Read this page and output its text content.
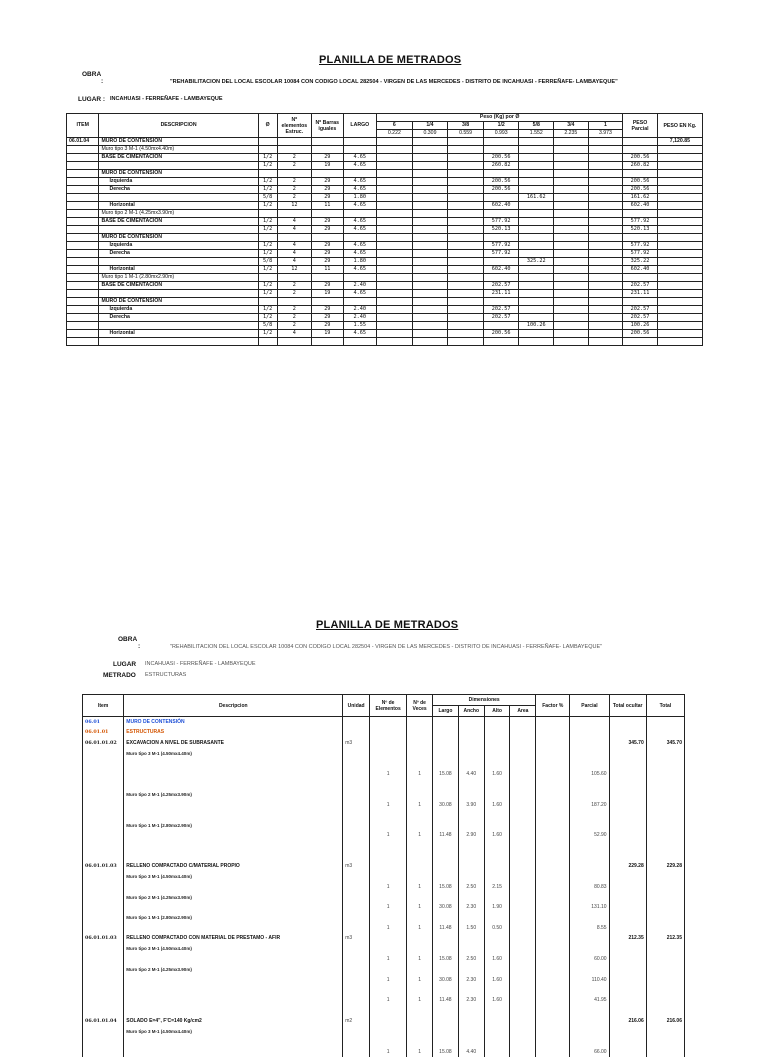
PLANILLA DE METRADOS
OBRA
:	"REHABILITACION DEL LOCAL ESCOLAR 10084 CON CODIGO LOCAL 282504 - VIRGEN DE LAS MERCEDES - DISTRITO DE INCAHUASI - FERREÑAFE- LAMBAYEQUE"
LUGAR : INCAHUASI - FERREÑAFE - LAMBAYEQUE
ITEM	DESCRIPCION	Ø	Nº elementos Estruc.	Nº Barras iguales	LARGO	Peso (Kg) por Ø							PESO Parcial	PESO EN Kg.
						6	1/4	3/8	1/2	5/8	3/4	1		
						0.222	0.309	0.559	0.993	1.552	2.235	3.973		
06.01.04	MURO DE CONTENSIÓN													7,120.85
	Muro tipo 3 M-1 (4.50mx4.40m)													
	BASE DE CIMENTACIÓN	1/2	2	29	4.65				200.56				200.56	
		1/2	2	19	4.65				260.82				260.82	
	MURO DE CONTENSIÓN													
	Izquierda	1/2	2	29	4.65				200.56				200.56	
	Derecha	1/2	2	29	4.65				200.56				200.56	
		5/8	2	29	1.80					161.62			161.62	
	Horizontal	1/2	12	11	4.65				602.40				602.40	
	Muro tipo 2 M-1 (4.25mx3.90m)													
	BASE DE CIMENTACIÓN	1/2	4	29	4.65				577.92				577.92	
		1/2	4	29	4.65				520.13				520.13	
	MURO DE CONTENSIÓN													
	Izquierda	1/2	4	29	4.65				577.92				577.92	
	Derecha	1/2	4	29	4.65				577.92				577.92	
		5/8	4	29	1.80					325.22			325.22	
	Horizontal	1/2	12	11	4.65				602.40				602.40	
	Muro tipo 1 M-1 (2.80mx2.90m)													
	BASE DE CIMENTACIÓN	1/2	2	29	2.40				202.57				202.57	
		1/2	2	19	4.65				231.11				231.11	
	MURO DE CONTENSIÓN													
	Izquierda	1/2	2	29	2.40				202.57				202.57	
	Derecha	1/2	2	29	2.40				202.57				202.57	
		5/8	2	29	1.55					100.26			100.26	
	Horizontal	1/2	4	19	4.65				200.56				200.56	

PLANILLA DE METRADOS
OBRA
:	"REHABILITACION DEL LOCAL ESCOLAR 10084 CON CODIGO LOCAL 282504 - VIRGEN DE LAS MERCEDES - DISTRITO DE INCAHUASI - FERREÑAFE- LAMBAYEQUE"
LUGAR INCAHUASI - FERREÑAFE - LAMBAYEQUE
METRADO ESTRUCTURAS
Item	Descripcion	Unidad	Nº de Elementos	Nº de Veces	Dimensiones				Factor %	Parcial	Total ocultar	Total
					Largo	Ancho	Alto	Area				
06.01	MURO DE CONTENSIÓN											
06.01.01	ESTRUCTURAS											
06.01.01.02	EXCAVACION A NIVEL DE SUBRASANTE	m3									345.70	345.70
	Muro tipo 3 M-1 (4.50mx4.40m)											

			1	1	15.08	4.40	1.60			105.60		

	Muro tipo 2 M-1 (4.25mx3.90m)											
			1	1	30.08	3.90	1.60			187.20		

	Muro tipo 1 M-1 (2.80mx2.90m)											
			1	1	11.48	2.90	1.60			52.90		

06.01.01.03	RELLENO COMPACTADO C/MATERIAL PROPIO	m3									229.28	229.28
	Muro tipo 3 M-1 (4.50mx4.40m)											
			1	1	15.08	2.50	2.15			80.83		
	Muro tipo 2 M-1 (4.25mx3.90m)											
			1	1	30.08	2.30	1.90			131.10		
	Muro tipo 1 M-1 (2.80mx2.90m)											
			1	1	11.48	1.50	0.50			8.55		
06.01.01.03	RELLENO COMPACTADO CON MATERIAL DE PRESTAMO - AFIR	m3									212.35	212.35
	Muro tipo 3 M-1 (4.50mx4.40m)											
			1	1	15.08	2.50	1.60			60.00		
	Muro tipo 2 M-1 (4.25mx3.90m)											
			1	1	30.08	2.30	1.60			110.40		

			1	1	11.48	2.30	1.60			41.95		

06.01.01.04	SOLADO E=4", F'C=140 Kg/cm2	m2									216.06	216.06
	Muro tipo 3 M-1 (4.50mx4.40m)											

			1	1	15.08	4.40				66.00		
